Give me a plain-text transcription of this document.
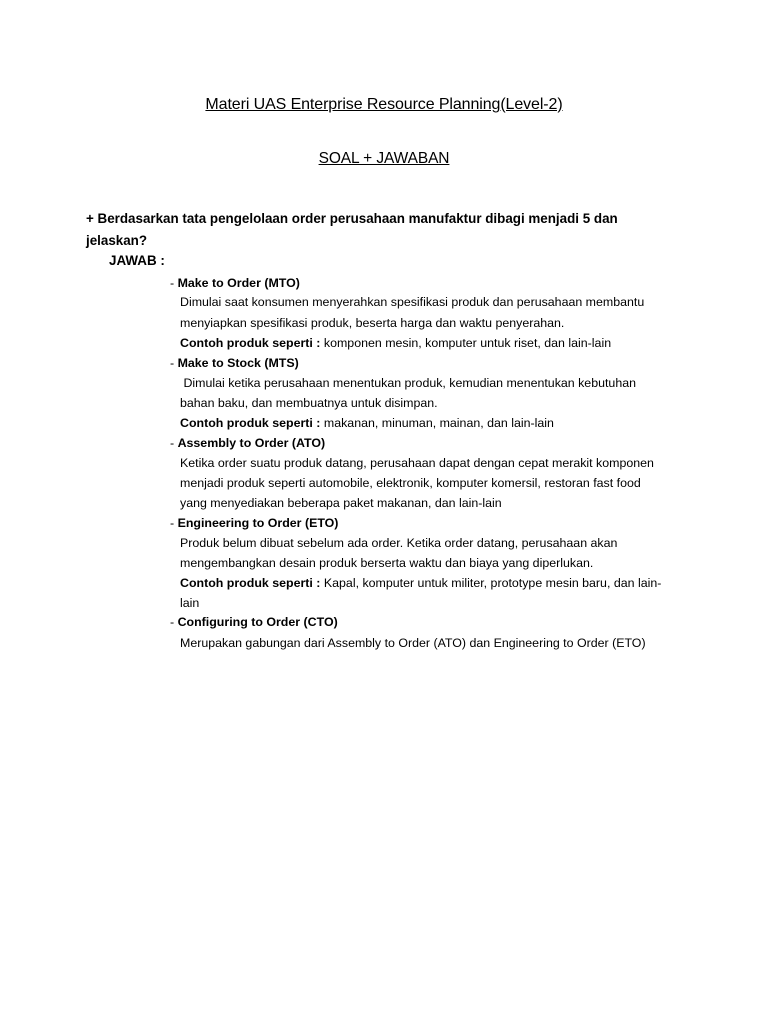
Materi UAS Enterprise Resource Planning(Level-2)
SOAL + JAWABAN
+ Berdasarkan tata pengelolaan order perusahaan manufaktur dibagi menjadi 5 dan jelaskan?
JAWAB :
- Make to Order (MTO)
Dimulai saat konsumen menyerahkan spesifikasi produk dan perusahaan membantu
menyiapkan spesifikasi produk, beserta harga dan waktu penyerahan.
Contoh produk seperti : komponen mesin, komputer untuk riset, dan lain-lain
- Make to Stock (MTS)
Dimulai ketika perusahaan menentukan produk, kemudian menentukan kebutuhan
bahan baku, dan membuatnya untuk disimpan.
Contoh produk seperti : makanan, minuman, mainan, dan lain-lain
- Assembly to Order (ATO)
Ketika order suatu produk datang, perusahaan dapat dengan cepat merakit komponen
menjadi produk seperti automobile, elektronik, komputer komersil, restoran fast food
yang menyediakan beberapa paket makanan, dan lain-lain
- Engineering to Order (ETO)
Produk belum dibuat sebelum ada order. Ketika order datang, perusahaan akan
mengembangkan desain produk berserta waktu dan biaya yang diperlukan.
Contoh produk seperti : Kapal, komputer untuk militer, prototype mesin baru, dan lain-
lain
- Configuring to Order (CTO)
Merupakan gabungan dari Assembly to Order (ATO) dan Engineering to Order (ETO)
